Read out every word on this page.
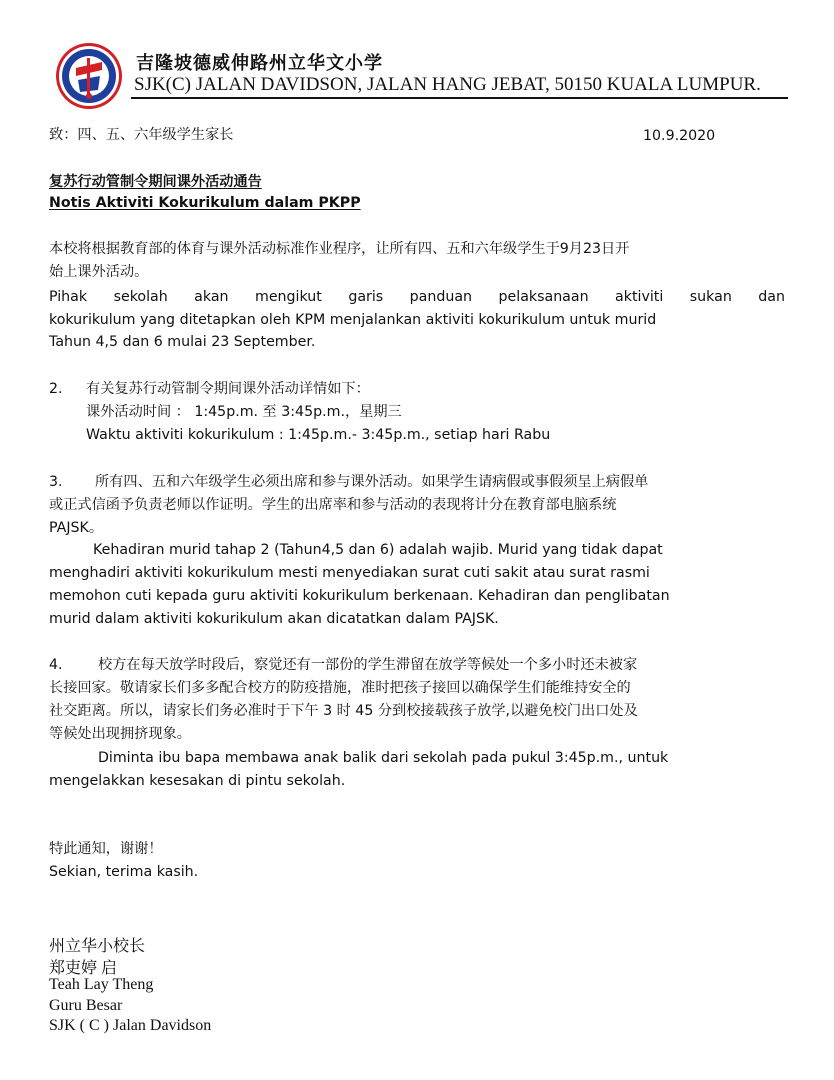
吉隆坡德威伸路州立华文小学
SJK(C) JALAN DAVIDSON, JALAN HANG JEBAT, 50150 KUALA LUMPUR.
致：四、五、六年级学生家长	10.9.2020
复苏行动管制令期间课外活动通告
Notis Aktiviti Kokurikulum dalam PKPP
本校将根据教育部的体育与课外活动标准作业程序，让所有四、五和六年级学生于9月23日开
始上课外活动。
Pihak sekolah akan mengikut garis panduan pelaksanaan aktiviti sukan dan
kokurikulum yang ditetapkan oleh KPM menjalankan aktiviti kokurikulum untuk murid
Tahun 4,5 dan 6 mulai 23 September.
2. 有关复苏行动管制令期间课外活动详情如下：
课外活动时间 ： 1:45p.m. 至 3:45p.m.，星期三
Waktu aktiviti kokurikulum : 1:45p.m.- 3:45p.m., setiap hari Rabu
3. 所有四、五和六年级学生必须出席和参与课外活动。如果学生请病假或事假须呈上病假单
或正式信函予负责老师以作证明。学生的出席率和参与活动的表现将计分在教育部电脑系统
PAJSK。
Kehadiran murid tahap 2 (Tahun4,5 dan 6) adalah wajib. Murid yang tidak dapat
menghadiri aktiviti kokurikulum mesti menyediakan surat cuti sakit atau surat rasmi
memohon cuti kepada guru aktiviti kokurikulum berkenaan. Kehadiran dan penglibatan
murid dalam aktiviti kokurikulum akan dicatatkan dalam PAJSK.
4. 校方在每天放学时段后，察觉还有一部份的学生滞留在放学等候处一个多小时还未被家
长接回家。敬请家长们多多配合校方的防疫措施，准时把孩子接回以确保学生们能维持安全的
社交距离。所以，请家长们务必准时于下午 3 时 45 分到校接载孩子放学,以避免校门出口处及
等候处出现拥挤现象。
Diminta ibu bapa membawa anak balik dari sekolah pada pukul 3:45p.m., untuk
mengelakkan kesesakan di pintu sekolah.
特此通知，谢谢！
Sekian, terima kasih.
州立华小校长
郑吏婷 启
Teah Lay Theng
Guru Besar
SJK ( C ) Jalan Davidson
